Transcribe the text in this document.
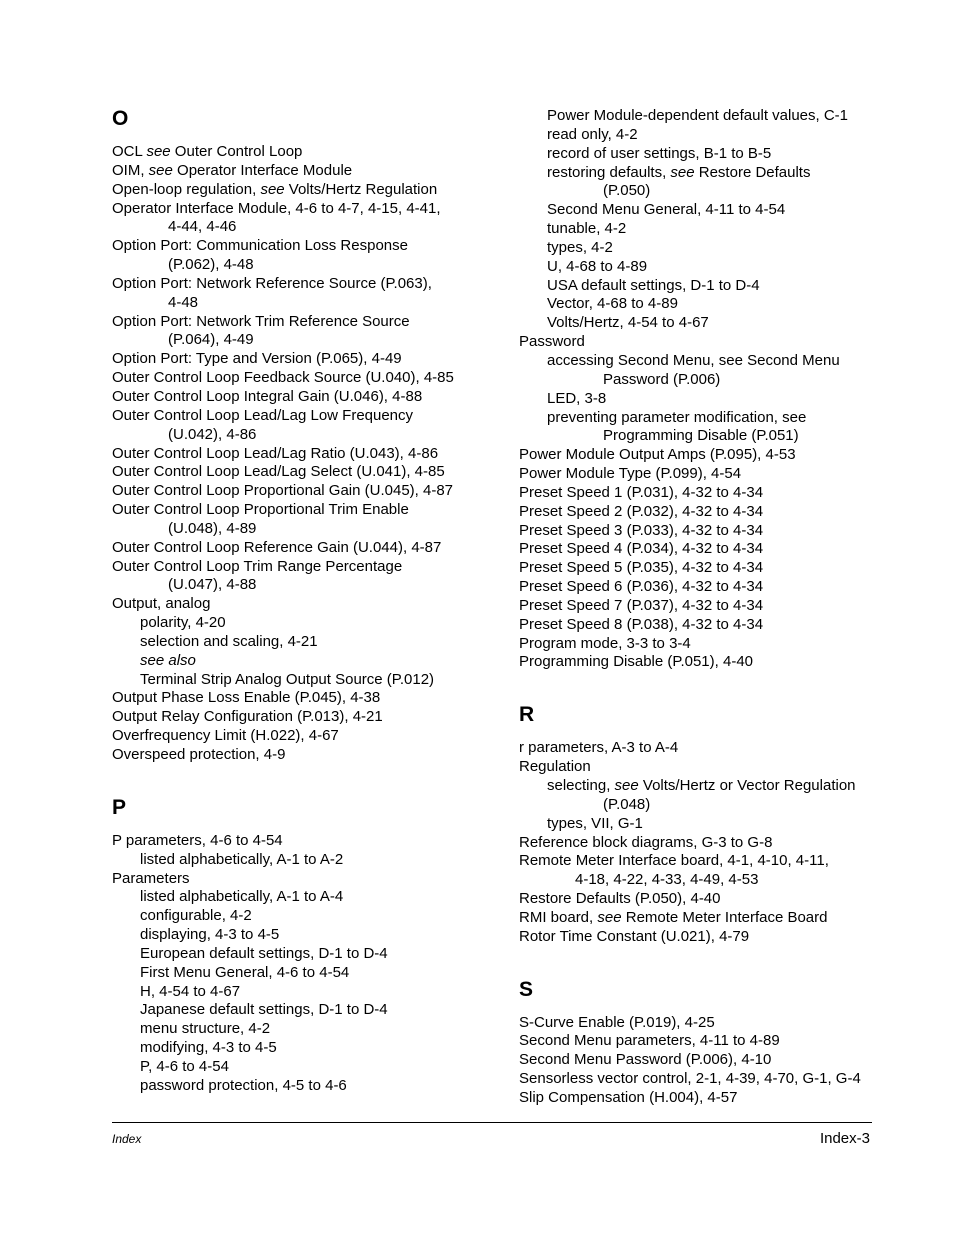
O
OCL see Outer Control Loop
OIM, see Operator Interface Module
Open-loop regulation, see Volts/Hertz Regulation
Operator Interface Module, 4-6 to 4-7, 4-15, 4-41,
4-44, 4-46
Option Port: Communication Loss Response
(P.062), 4-48
Option Port: Network Reference Source (P.063),
4-48
Option Port: Network Trim Reference Source
(P.064), 4-49
Option Port: Type and Version (P.065), 4-49
Outer Control Loop Feedback Source (U.040), 4-85
Outer Control Loop Integral Gain (U.046), 4-88
Outer Control Loop Lead/Lag Low Frequency
(U.042), 4-86
Outer Control Loop Lead/Lag Ratio (U.043), 4-86
Outer Control Loop Lead/Lag Select (U.041), 4-85
Outer Control Loop Proportional Gain (U.045), 4-87
Outer Control Loop Proportional Trim Enable
(U.048), 4-89
Outer Control Loop Reference Gain (U.044), 4-87
Outer Control Loop Trim Range Percentage
(U.047), 4-88
Output, analog
polarity, 4-20
selection and scaling, 4-21
see also
Terminal Strip Analog Output Source (P.012)
Output Phase Loss Enable (P.045), 4-38
Output Relay Configuration (P.013), 4-21
Overfrequency Limit (H.022), 4-67
Overspeed protection, 4-9
P
P parameters, 4-6 to 4-54
listed alphabetically, A-1 to A-2
Parameters
listed alphabetically, A-1 to A-4
configurable, 4-2
displaying, 4-3 to 4-5
European default settings, D-1 to D-4
First Menu General, 4-6 to 4-54
H, 4-54 to 4-67
Japanese default settings, D-1 to D-4
menu structure, 4-2
modifying, 4-3 to 4-5
P, 4-6 to 4-54
password protection, 4-5 to 4-6
Power Module-dependent default values, C-1
read only, 4-2
record of user settings, B-1 to B-5
restoring defaults, see Restore Defaults
(P.050)
Second Menu General, 4-11 to 4-54
tunable, 4-2
types, 4-2
U, 4-68 to 4-89
USA default settings, D-1 to D-4
Vector, 4-68 to 4-89
Volts/Hertz, 4-54 to 4-67
Password
accessing Second Menu, see Second Menu
Password (P.006)
LED, 3-8
preventing parameter modification, see
Programming Disable (P.051)
Power Module Output Amps (P.095), 4-53
Power Module Type (P.099), 4-54
Preset Speed 1 (P.031), 4-32 to 4-34
Preset Speed 2 (P.032), 4-32 to 4-34
Preset Speed 3 (P.033), 4-32 to 4-34
Preset Speed 4 (P.034), 4-32 to 4-34
Preset Speed 5 (P.035), 4-32 to 4-34
Preset Speed 6 (P.036), 4-32 to 4-34
Preset Speed 7 (P.037), 4-32 to 4-34
Preset Speed 8 (P.038), 4-32 to 4-34
Program mode, 3-3 to 3-4
Programming Disable (P.051), 4-40
R
r parameters, A-3 to A-4
Regulation
selecting, see Volts/Hertz or Vector Regulation
(P.048)
types, VII, G-1
Reference block diagrams, G-3 to G-8
Remote Meter Interface board, 4-1, 4-10, 4-11,
4-18, 4-22, 4-33, 4-49, 4-53
Restore Defaults (P.050), 4-40
RMI board, see Remote Meter Interface Board
Rotor Time Constant (U.021), 4-79
S
S-Curve Enable (P.019), 4-25
Second Menu parameters, 4-11 to 4-89
Second Menu Password (P.006), 4-10
Sensorless vector control, 2-1, 4-39, 4-70, G-1, G-4
Slip Compensation (H.004), 4-57
Index	Index-3
